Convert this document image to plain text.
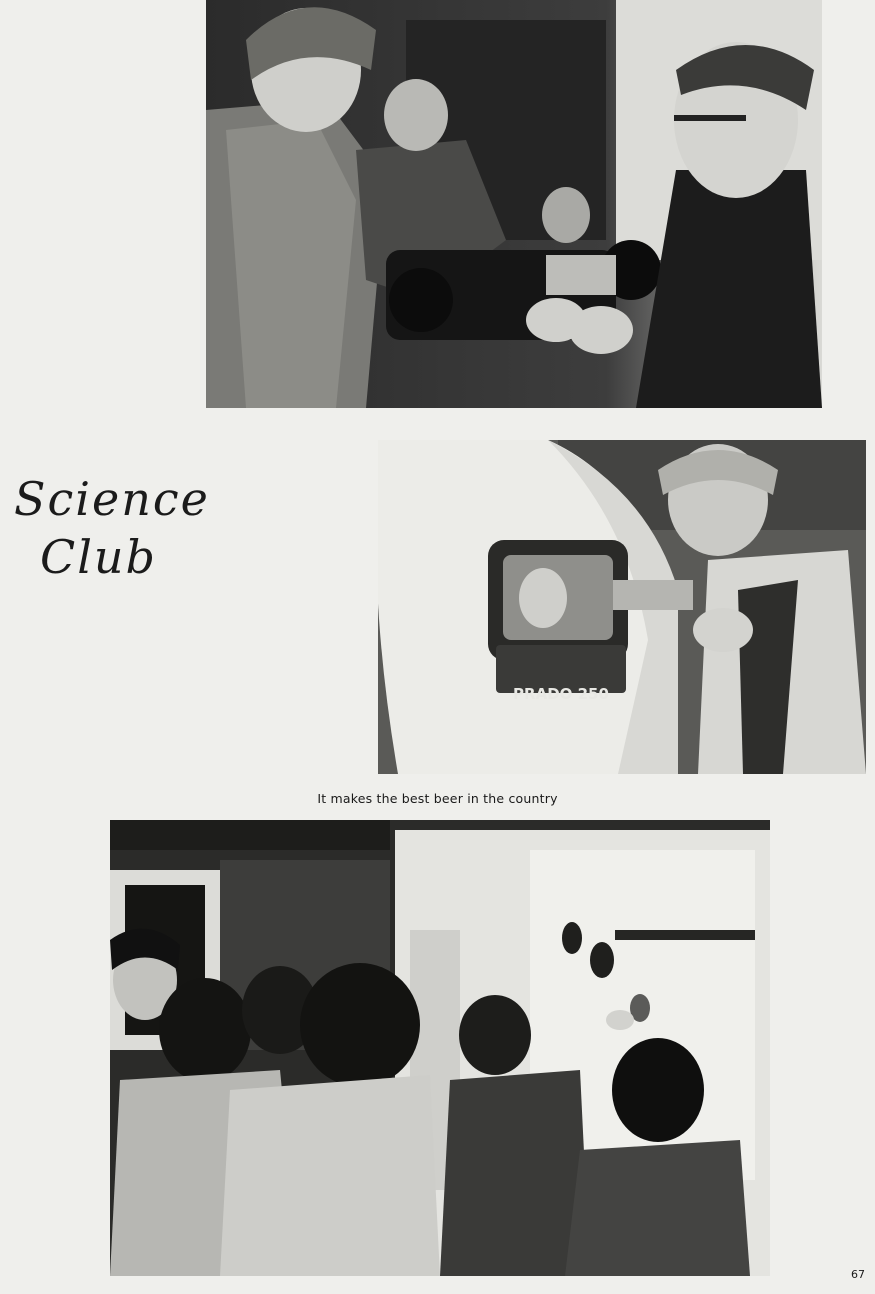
Science
Club
PRADO 250
It makes the best beer in the country
67
